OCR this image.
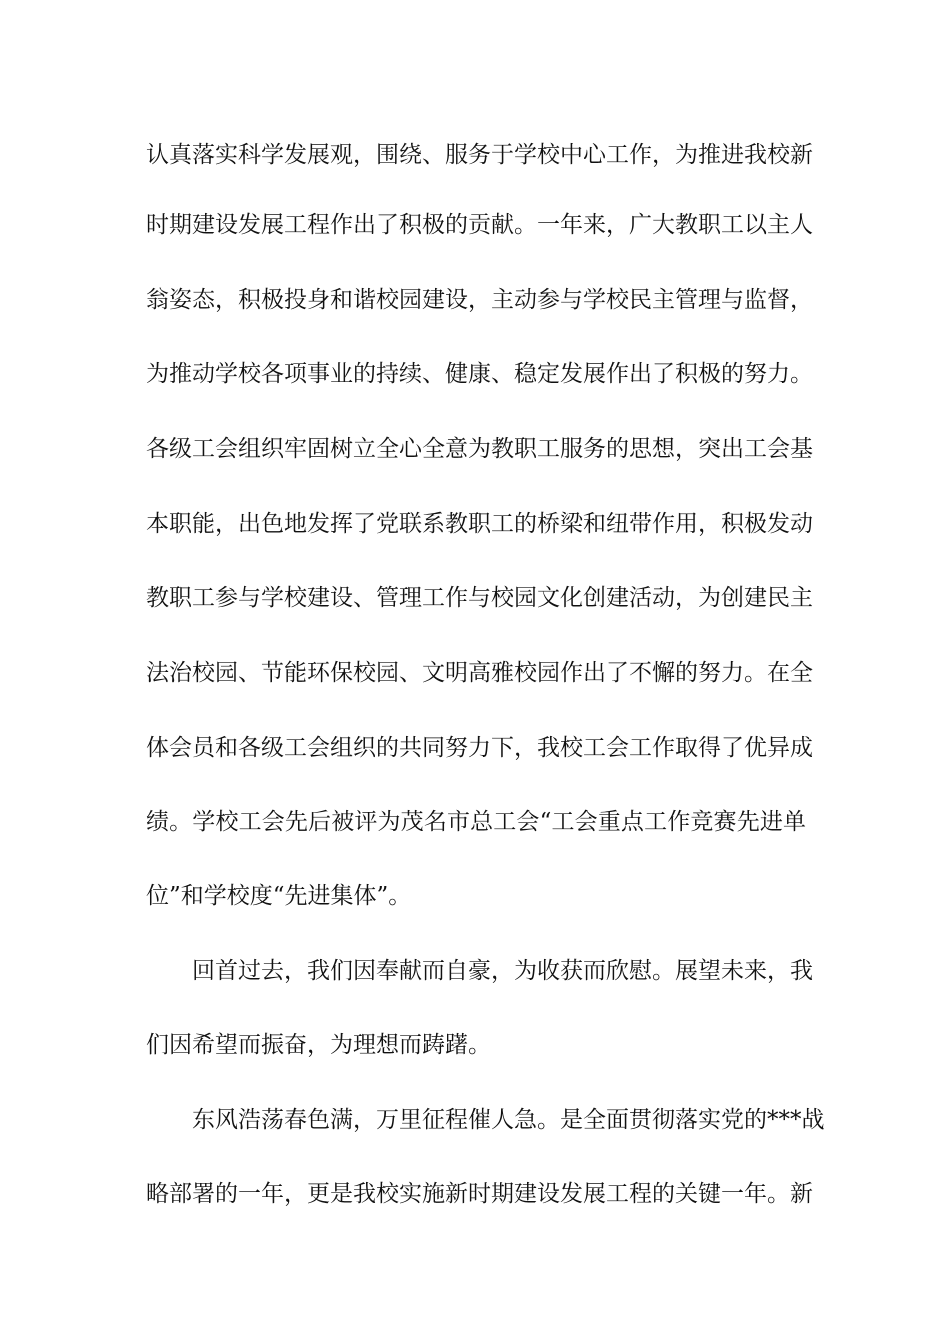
认真落实科学发展观，围绕、服务于学校中心工作，为推进我校新
时期建设发展工程作出了积极的贡献。一年来，广大教职工以主人
翁姿态，积极投身和谐校园建设，主动参与学校民主管理与监督，
为推动学校各项事业的持续、健康、稳定发展作出了积极的努力。
各级工会组织牢固树立全心全意为教职工服务的思想，突出工会基
本职能，出色地发挥了党联系教职工的桥梁和纽带作用，积极发动
教职工参与学校建设、管理工作与校园文化创建活动，为创建民主
法治校园、节能环保校园、文明高雅校园作出了不懈的努力。在全
体会员和各级工会组织的共同努力下，我校工会工作取得了优异成
绩。学校工会先后被评为茂名市总工会“工会重点工作竞赛先进单
位”和学校度“先进集体”。
回首过去，我们因奉献而自豪，为收获而欣慰。展望未来，我
们因希望而振奋，为理想而踌躇。
东风浩荡春色满，万里征程催人急。是全面贯彻落实党的***战
略部署的一年，更是我校实施新时期建设发展工程的关键一年。新
